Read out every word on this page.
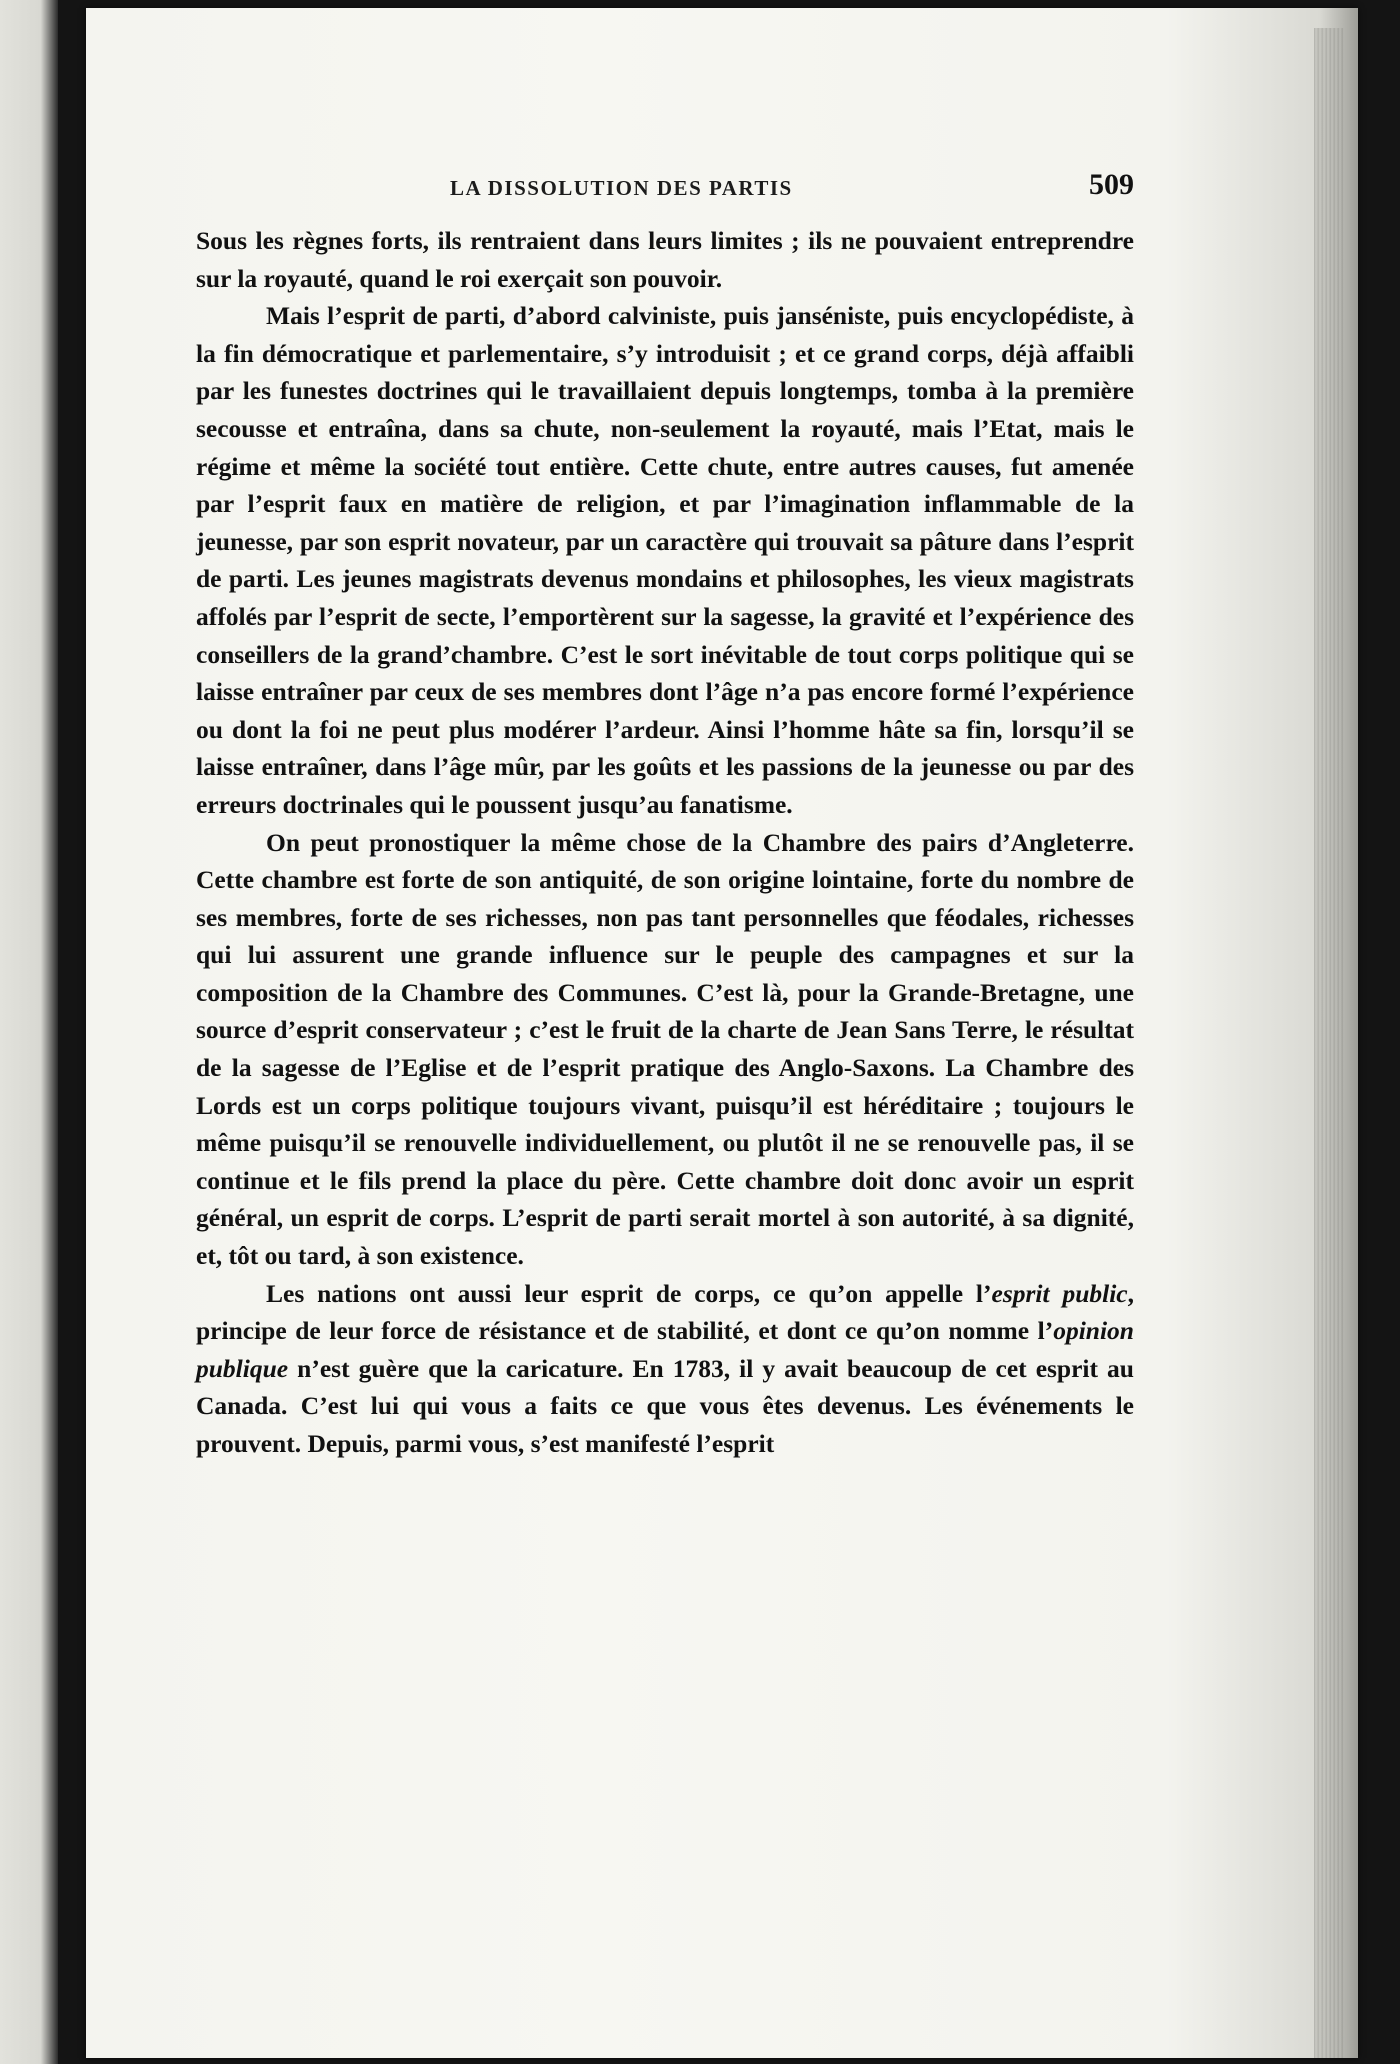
LA DISSOLUTION DES PARTIS	509

Sous les règnes forts, ils rentraient dans leurs limites ; ils ne pouvaient entreprendre sur la royauté, quand le roi exerçait son pouvoir.

Mais l’esprit de parti, d’abord calviniste, puis janséniste, puis encyclopédiste, à la fin démocratique et parlementaire, s’y introduisit ; et ce grand corps, déjà affaibli par les funestes doctrines qui le travaillaient depuis longtemps, tomba à la première secousse et entraîna, dans sa chute, non-seulement la royauté, mais l’Etat, mais le régime et même la société tout entière. Cette chute, entre autres causes, fut amenée par l’esprit faux en matière de religion, et par l’imagination inflammable de la jeunesse, par son esprit novateur, par un caractère qui trouvait sa pâture dans l’esprit de parti. Les jeunes magistrats devenus mondains et philosophes, les vieux magistrats affolés par l’esprit de secte, l’emportèrent sur la sagesse, la gravité et l’expérience des conseillers de la grand’chambre. C’est le sort inévitable de tout corps politique qui se laisse entraîner par ceux de ses membres dont l’âge n’a pas encore formé l’expérience ou dont la foi ne peut plus modérer l’ardeur. Ainsi l’homme hâte sa fin, lorsqu’il se laisse entraîner, dans l’âge mûr, par les goûts et les passions de la jeunesse ou par des erreurs doctrinales qui le poussent jusqu’au fanatisme.

On peut pronostiquer la même chose de la Chambre des pairs d’Angleterre. Cette chambre est forte de son antiquité, de son origine lointaine, forte du nombre de ses membres, forte de ses richesses, non pas tant personnelles que féodales, richesses qui lui assurent une grande influence sur le peuple des campagnes et sur la composition de la Chambre des Communes. C’est là, pour la Grande-Bretagne, une source d’esprit conservateur ; c’est le fruit de la charte de Jean Sans Terre, le résultat de la sagesse de l’Eglise et de l’esprit pratique des Anglo-Saxons. La Chambre des Lords est un corps politique toujours vivant, puisqu’il est héréditaire ; toujours le même puisqu’il se renouvelle individuellement, ou plutôt il ne se renouvelle pas, il se continue et le fils prend la place du père. Cette chambre doit donc avoir un esprit général, un esprit de corps. L’esprit de parti serait mortel à son autorité, à sa dignité, et, tôt ou tard, à son existence.

Les nations ont aussi leur esprit de corps, ce qu’on appelle l’esprit public, principe de leur force de résistance et de stabilité, et dont ce qu’on nomme l’opinion publique n’est guère que la caricature. En 1783, il y avait beaucoup de cet esprit au Canada. C’est lui qui vous a faits ce que vous êtes devenus. Les événements le prouvent. Depuis, parmi vous, s’est manifesté l’esprit
